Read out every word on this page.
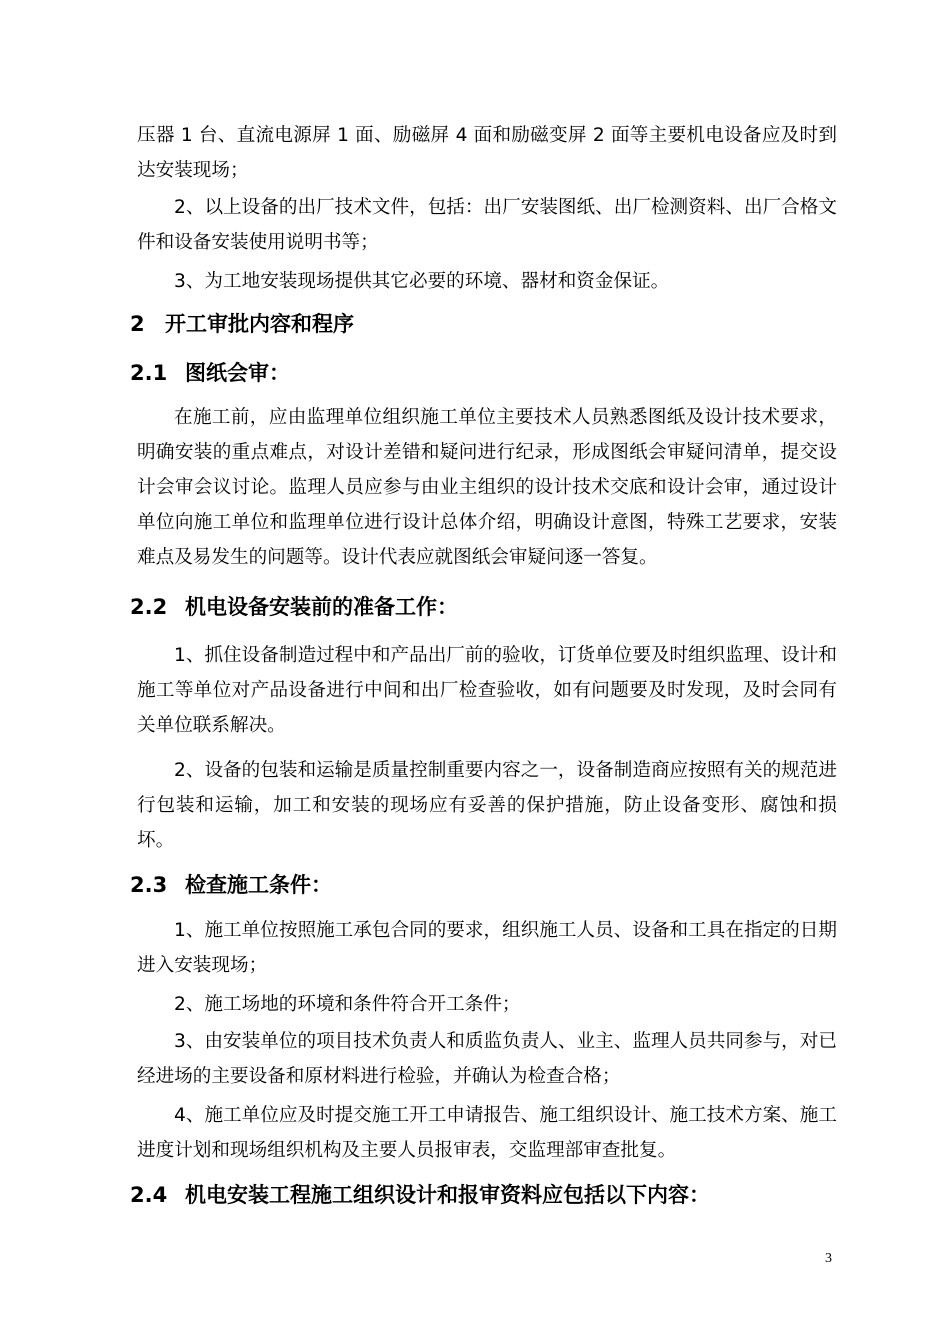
压器 1 台、直流电源屏 1 面、励磁屏 4 面和励磁变屏 2 面等主要机电设备应及时到达安装现场；

2、以上设备的出厂技术文件，包括：出厂安装图纸、出厂检测资料、出厂合格文件和设备安装使用说明书等；

3、为工地安装现场提供其它必要的环境、器材和资金保证。

2 开工审批内容和程序
2.1 图纸会审：

在施工前，应由监理单位组织施工单位主要技术人员熟悉图纸及设计技术要求，明确安装的重点难点，对设计差错和疑问进行纪录，形成图纸会审疑问清单，提交设计会审会议讨论。监理人员应参与由业主组织的设计技术交底和设计会审，通过设计单位向施工单位和监理单位进行设计总体介绍，明确设计意图，特殊工艺要求，安装难点及易发生的问题等。设计代表应就图纸会审疑问逐一答复。

2.2 机电设备安装前的准备工作：

1、抓住设备制造过程中和产品出厂前的验收，订货单位要及时组织监理、设计和施工等单位对产品设备进行中间和出厂检查验收，如有问题要及时发现，及时会同有关单位联系解决。

2、设备的包装和运输是质量控制重要内容之一，设备制造商应按照有关的规范进行包装和运输，加工和安装的现场应有妥善的保护措施，防止设备变形、腐蚀和损坏。

2.3 检查施工条件：

1、施工单位按照施工承包合同的要求，组织施工人员、设备和工具在指定的日期进入安装现场；

2、施工场地的环境和条件符合开工条件；

3、由安装单位的项目技术负责人和质监负责人、业主、监理人员共同参与，对已经进场的主要设备和原材料进行检验，并确认为检查合格；

4、施工单位应及时提交施工开工申请报告、施工组织设计、施工技术方案、施工进度计划和现场组织机构及主要人员报审表，交监理部审查批复。

2.4 机电安装工程施工组织设计和报审资料应包括以下内容：
3
